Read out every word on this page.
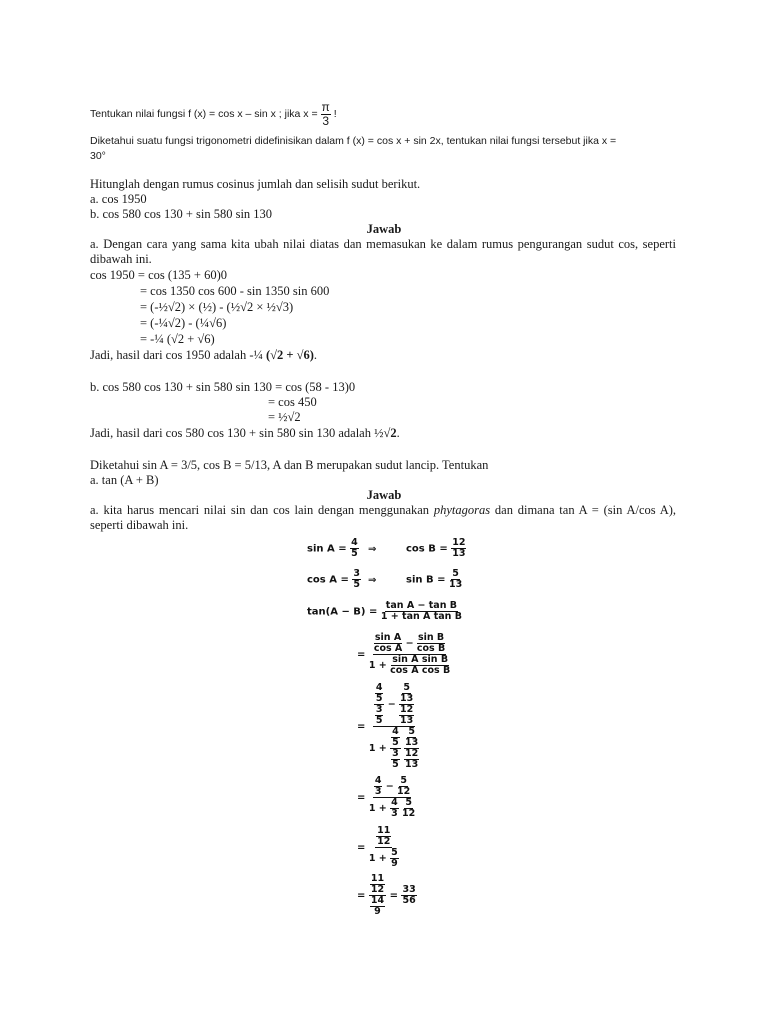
Tentukan nilai fungsi f (x) = cos x – sin x ; jika $x = \frac{\pi}{3}$ !
Diketahui suatu fungsi trigonometri didefinisikan dalam f (x) = cos x + sin 2x, tentukan nilai fungsi tersebut jika x =
30°
Hitunglah dengan rumus cosinus jumlah dan selisih sudut berikut.
a. cos 1950
b. cos 580 cos 130 + sin 580 sin 130
Jawab
a. Dengan cara yang sama kita ubah nilai diatas dan memasukan ke dalam rumus pengurangan sudut cos, seperti dibawah ini.
cos 1950 = cos (135 + 60)0
= cos 1350 cos 600 - sin 1350 sin 600
= (-½√2) × (½) - (½√2 × ½√3)
= (-¼√2) - (¼√6)
= -¼ (√2 + √6)
Jadi, hasil dari cos 1950 adalah -¼ (√2 + √6).
b. cos 580 cos 130 + sin 580 sin 130 = cos (58 - 13)0
= cos 450
= ½√2
Jadi, hasil dari cos 580 cos 130 + sin 580 sin 130 adalah ½√2.
Diketahui sin A = 3/5, cos B = 5/13, A dan B merupakan sudut lancip. Tentukan
a. tan (A + B)
Jawab
a. kita harus mencari nilai sin dan cos lain dengan menggunakan phytagoras dan dimana tan A = (sin A/cos A), seperti dibawah ini.
$\sin A = \frac{4}{5}$ ⇒	$\cos B = \frac{12}{13}$
$\cos A = \frac{3}{5}$ ⇒	$\sin B = \frac{5}{13}$
$\tan(A - B) = \frac{\text{tan A − tan B}}{\text{1 + tan A tan B}}$
= $\frac{\frac{\text{sin A}}{\text{cos A}} - \frac{\text{sin B}}{\text{cos B}}}{1 + \frac{\text{sin A sin B}}{\text{cos A cos B}}}$
= $\frac{\frac{4}{5}}{\frac{3}{5}} - \frac{\frac{5}{13}}{\frac{12}{13}}$
$1 + \frac{\frac{4}{5}}{\frac{3}{5}}$
$\frac{\frac{5}{13}}{\frac{12}{13}}$
= $\frac{4}{3} - \frac{5}{12}$
$1 + \frac{4}{3}$
$\frac{5}{12}$
= $\frac{\frac{11}{12}}{1 + \frac{5}{9}}$
= $\frac{\frac{11}{12}}{\frac{14}{9}} = \frac{33}{56}$
